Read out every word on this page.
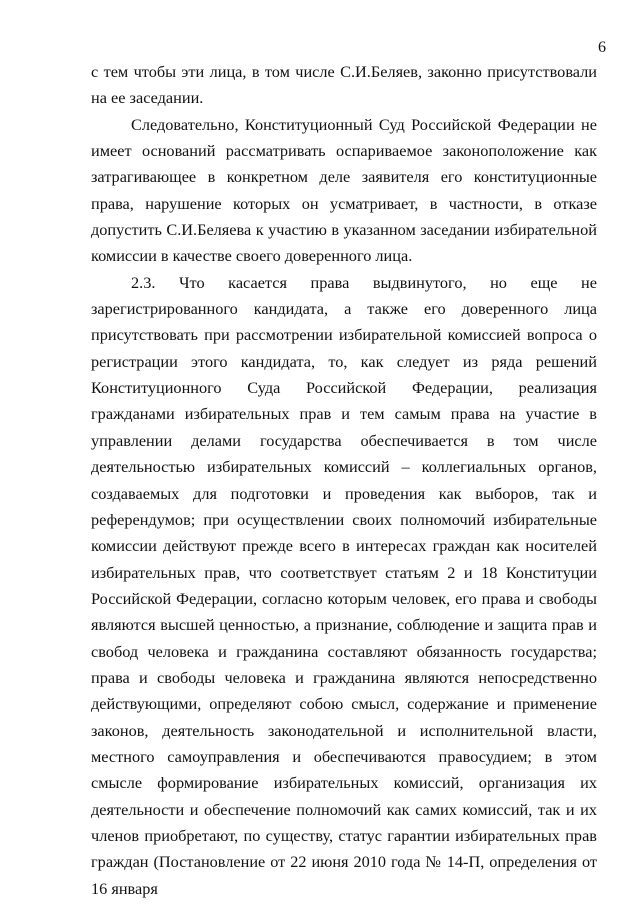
6

с тем чтобы эти лица, в том числе С.И.Беляев, законно присутствовали на ее заседании.

Следовательно, Конституционный Суд Российской Федерации не имеет оснований рассматривать оспариваемое законоположение как затрагивающее в конкретном деле заявителя его конституционные права, нарушение которых он усматривает, в частности, в отказе допустить С.И.Беляева к участию в указанном заседании избирательной комиссии в качестве своего доверенного лица.

2.3. Что касается права выдвинутого, но еще не зарегистрированного кандидата, а также его доверенного лица присутствовать при рассмотрении избирательной комиссией вопроса о регистрации этого кандидата, то, как следует из ряда решений Конституционного Суда Российской Федерации, реализация гражданами избирательных прав и тем самым права на участие в управлении делами государства обеспечивается в том числе деятельностью избирательных комиссий – коллегиальных органов, создаваемых для подготовки и проведения как выборов, так и референдумов; при осуществлении своих полномочий избирательные комиссии действуют прежде всего в интересах граждан как носителей избирательных прав, что соответствует статьям 2 и 18 Конституции Российской Федерации, согласно которым человек, его права и свободы являются высшей ценностью, а признание, соблюдение и защита прав и свобод человека и гражданина составляют обязанность государства; права и свободы человека и гражданина являются непосредственно действующими, определяют собою смысл, содержание и применение законов, деятельность законодательной и исполнительной власти, местного самоуправления и обеспечиваются правосудием; в этом смысле формирование избирательных комиссий, организация их деятельности и обеспечение полномочий как самих комиссий, так и их членов приобретают, по существу, статус гарантии избирательных прав граждан (Постановление от 22 июня 2010 года № 14-П, определения от 16 января
